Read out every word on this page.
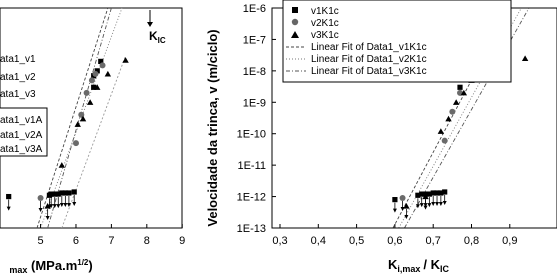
5	6	7	8	9
$K_{IC}$
ata1_v1
ata1_v2
ata1_v3
ata1_v1A
ata1_v2A
ata1_v3A
$_{max}$ $(MPa.m^{1/2})$
Velocidade da trinca, v (m/ciclo)
1E-6
1E-7
1E-8
1E-9
1E-10
1E-11
1E-12
1E-13
0,3 0,4 0,5 0,6 0,7 0,8 0,9
v1K1c
v2K1c
v3K1c
Linear Fit of Data1_v1K1c
Linear Fit of Data1_v2K1c
Linear Fit of Data1_v3K1c
$K_{i,max} / K_{IC}$
